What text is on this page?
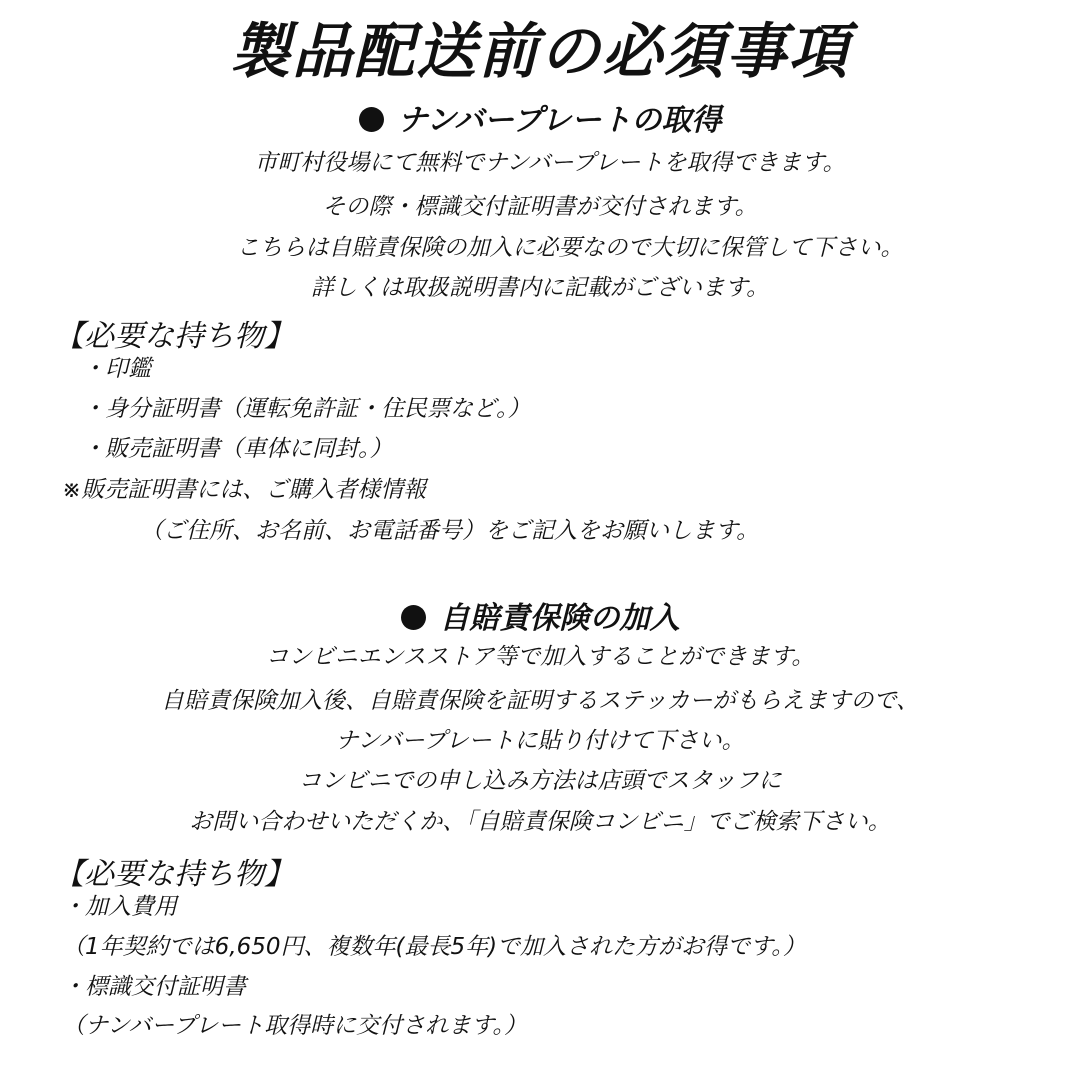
製品配送前の必須事項
ナンバープレートの取得
市町村役場にて無料でナンバープレートを取得できます。
その際・標識交付証明書が交付されます。
こちらは自賠責保険の加入に必要なので大切に保管して下さい。
詳しくは取扱説明書内に記載がございます。
【必要な持ち物】
・印鑑
・身分証明書（運転免許証・住民票など。）
・販売証明書（車体に同封。）
※販売証明書には、ご購入者様情報
（ご住所、お名前、お電話番号）をご記入をお願いします。
自賠責保険の加入
コンビニエンスストア等で加入することができます。
自賠責保険加入後、自賠責保険を証明するステッカーがもらえますので、
ナンバープレートに貼り付けて下さい。
コンビニでの申し込み方法は店頭でスタッフに
お問い合わせいただくか、「自賠責保険コンビニ」でご検索下さい。
【必要な持ち物】
・加入費用
（1年契約では6,650円、複数年(最長5年)で加入された方がお得です。）
・標識交付証明書
（ナンバープレート取得時に交付されます。）
